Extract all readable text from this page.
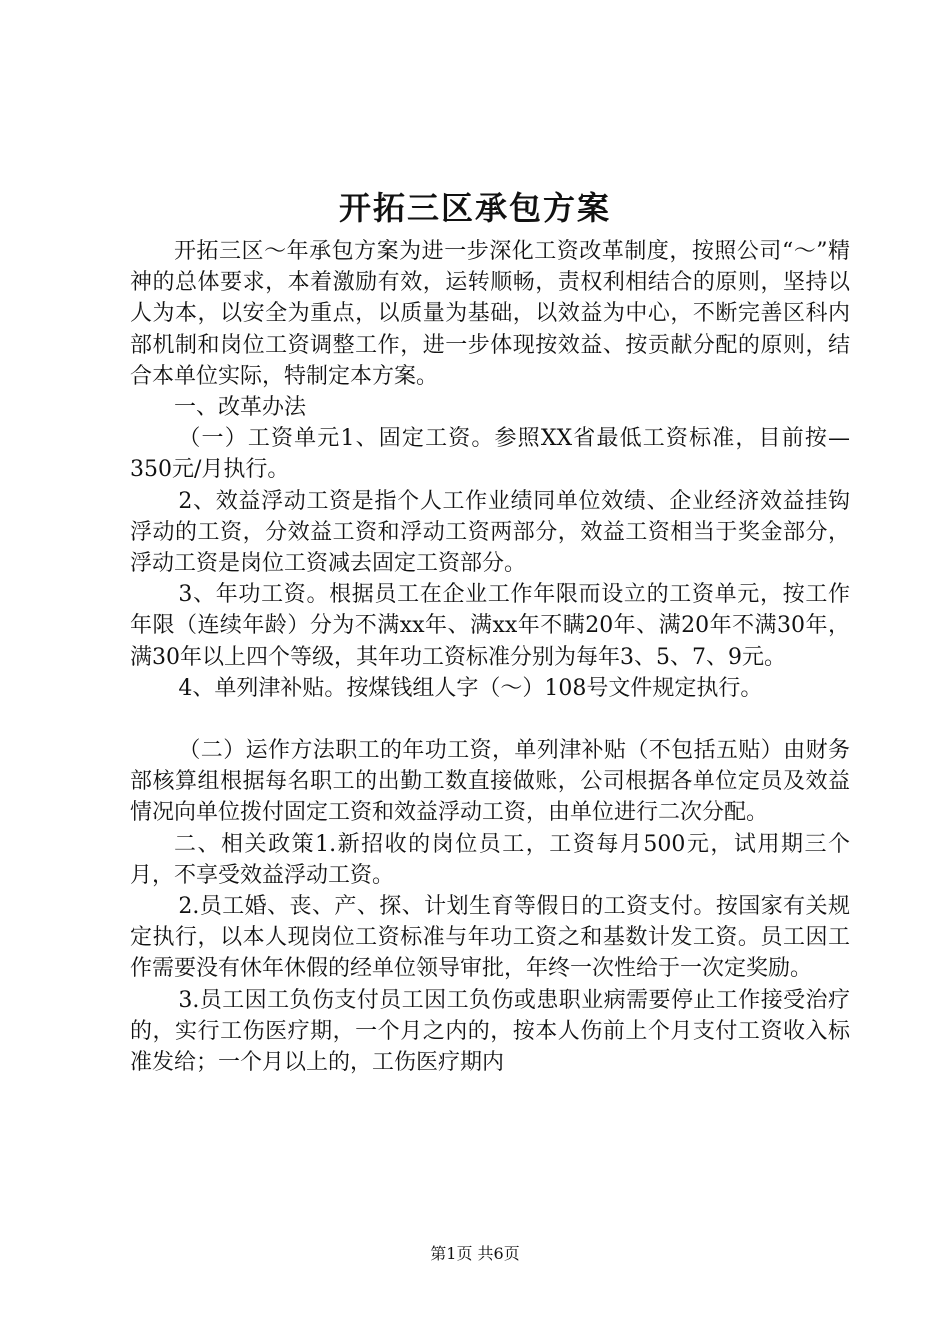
开拓三区承包方案

开拓三区～年承包方案为进一步深化工资改革制度，按照公司“～”精神的总体要求，本着激励有效，运转顺畅，责权利相结合的原则，坚持以人为本，以安全为重点，以质量为基础，以效益为中心，不断完善区科内部机制和岗位工资调整工作，进一步体现按效益、按贡献分配的原则，结合本单位实际，特制定本方案。

一、改革办法

（一）工资单元1、固定工资。参照XX省最低工资标准，目前按—350元/月执行。

2、效益浮动工资是指个人工作业绩同单位效绩、企业经济效益挂钩浮动的工资，分效益工资和浮动工资两部分，效益工资相当于奖金部分，浮动工资是岗位工资减去固定工资部分。

3、年功工资。根据员工在企业工作年限而设立的工资单元，按工作年限（连续年龄）分为不满xx年、满xx年不瞒20年、满20年不满30年，满30年以上四个等级，其年功工资标准分别为每年3、5、7、9元。

4、单列津补贴。按煤钱组人字（～）108号文件规定执行。

（二）运作方法职工的年功工资，单列津补贴（不包括五贴）由财务部核算组根据每名职工的出勤工数直接做账，公司根据各单位定员及效益情况向单位拨付固定工资和效益浮动工资，由单位进行二次分配。

二、相关政策1.新招收的岗位员工，工资每月500元，试用期三个月，不享受效益浮动工资。

2.员工婚、丧、产、探、计划生育等假日的工资支付。按国家有关规定执行，以本人现岗位工资标准与年功工资之和基数计发工资。员工因工作需要没有休年休假的经单位领导审批，年终一次性给于一次定奖励。

3.员工因工负伤支付员工因工负伤或患职业病需要停止工作接受治疗的，实行工伤医疗期，一个月之内的，按本人伤前上个月支付工资收入标准发给；一个月以上的，工伤医疗期内

第1页 共6页
